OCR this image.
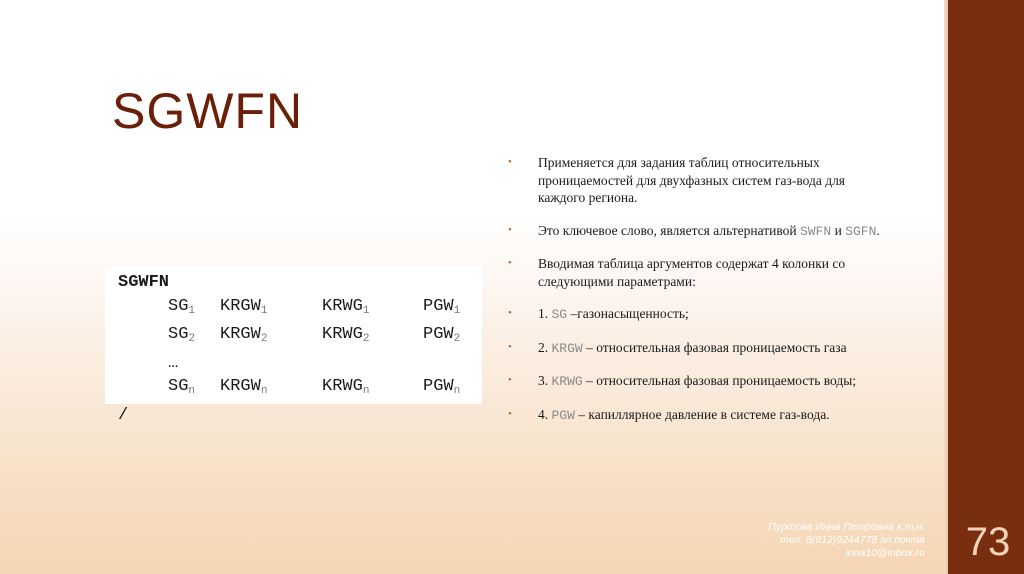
73
SGWFN
SGWFN
$SG_1$ $KRGW_1$	$KRWG_1$	$PGW_1$
$SG_2$ $KRGW_2$	$KRWG_2$	$PGW_2$
…
$SG_n$ $KRGW_n$	$KRWG_n$	$PGW_n$
/
• Применяется для задания таблиц относительных проницаемостей для двухфазных систем газ-вода для каждого региона.
• Это ключевое слово, является альтернативой SWFN и SGFN.
• Вводимая таблица аргументов содержат 4 колонки со следующими параметрами:
• 1. SG –газонасыщенность;
• 2. KRGW – относительная фазовая проницаемость газа
• 3. KRWG – относительная фазовая проницаемость воды;
• 4. PGW – капиллярное давление в системе газ-вода.
Пуртова Инна Петровна к.т.н.
тел. 8(912)9244778 эл.почта
inna10@inbox.ru
